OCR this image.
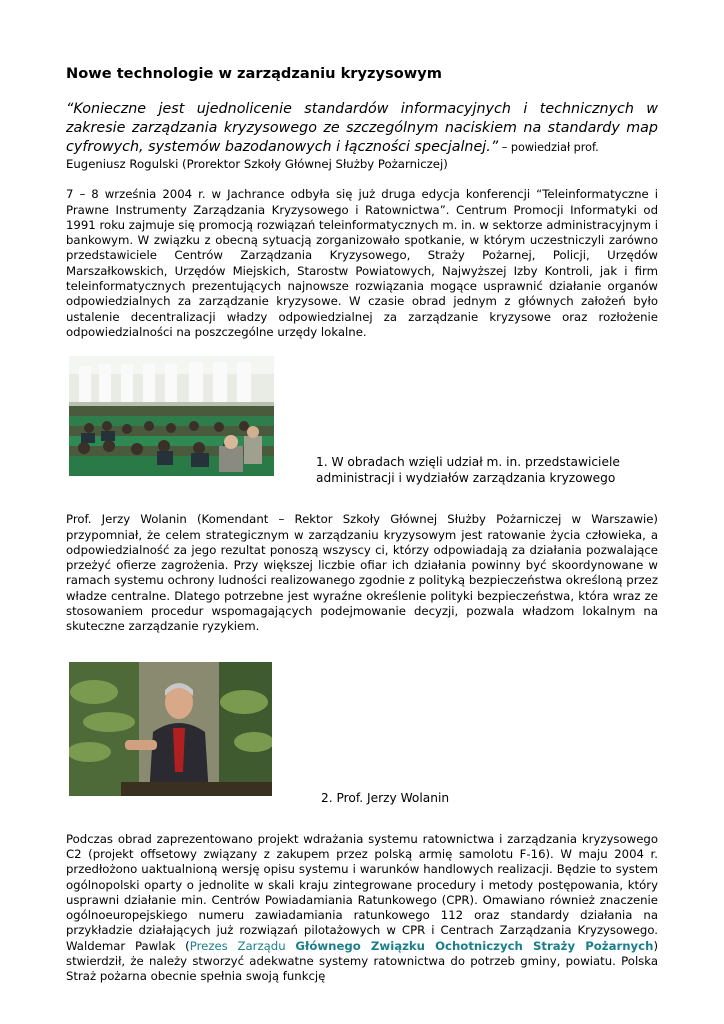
Nowe technologie w zarządzaniu kryzysowym

“Konieczne jest ujednolicenie standardów informacyjnych i technicznych w zakresie zarządzania kryzysowego ze szczególnym naciskiem na standardy map cyfrowych, systemów bazodanowych i łączności specjalnej.” – powiedział prof.

Eugeniusz Rogulski (Prorektor Szkoły Głównej Służby Pożarniczej)

7 – 8 września 2004 r. w Jachrance odbyła się już druga edycja konferencji “Teleinformatyczne i Prawne Instrumenty Zarządzania Kryzysowego i Ratownictwa”. Centrum Promocji Informatyki od 1991 roku zajmuje się promocją rozwiązań teleinformatycznych m. in. w sektorze administracyjnym i bankowym. W związku z obecną sytuacją zorganizowało spotkanie, w którym uczestniczyli zarówno przedstawiciele Centrów Zarządzania Kryzysowego, Straży Pożarnej, Policji, Urzędów Marszałkowskich, Urzędów Miejskich, Starostw Powiatowych, Najwyższej Izby Kontroli, jak i firm teleinformatycznych prezentujących najnowsze rozwiązania mogące usprawnić działanie organów odpowiedzialnych za zarządzanie kryzysowe. W czasie obrad jednym z głównych założeń było ustalenie decentralizacji władzy odpowiedzialnej za zarządzanie kryzysowe oraz rozłożenie odpowiedzialności na poszczególne urzędy lokalne.

1. W obradach wzięli udział m. in. przedstawiciele
administracji i wydziałów zarządzania kryzowego

Prof. Jerzy Wolanin (Komendant – Rektor Szkoły Głównej Służby Pożarniczej w Warszawie) przypomniał, że celem strategicznym w zarządzaniu kryzysowym jest ratowanie życia człowieka, a odpowiedzialność za jego rezultat ponoszą wszyscy ci, którzy odpowiadają za działania pozwalające przeżyć ofierze zagrożenia. Przy większej liczbie ofiar ich działania powinny być skoordynowane w ramach systemu ochrony ludności realizowanego zgodnie z polityką bezpieczeństwa określoną przez władze centralne. Dlatego potrzebne jest wyraźne określenie polityki bezpieczeństwa, która wraz ze stosowaniem procedur wspomagających podejmowanie decyzji, pozwala władzom lokalnym na skuteczne zarządzanie ryzykiem.

2. Prof. Jerzy Wolanin

Podczas obrad zaprezentowano projekt wdrażania systemu ratownictwa i zarządzania kryzysowego C2 (projekt offsetowy związany z zakupem przez polską armię samolotu F-16). W maju 2004 r. przedłożono uaktualnioną wersję opisu systemu i warunków handlowych realizacji. Będzie to system ogólnopolski oparty o jednolite w skali kraju zintegrowane procedury i metody postępowania, który usprawni działanie min. Centrów Powiadamiania Ratunkowego (CPR). Omawiano również znaczenie ogólnoeuropejskiego numeru zawiadamiania ratunkowego 112 oraz standardy działania na przykładzie działających już rozwiązań pilotażowych w CPR i Centrach Zarządzania Kryzysowego. Waldemar Pawlak (Prezes Zarządu Głównego Związku Ochotniczych Straży Pożarnych) stwierdził, że należy stworzyć adekwatne systemy ratownictwa do potrzeb gminy, powiatu. Polska Straż pożarna obecnie spełnia swoją funkcję
